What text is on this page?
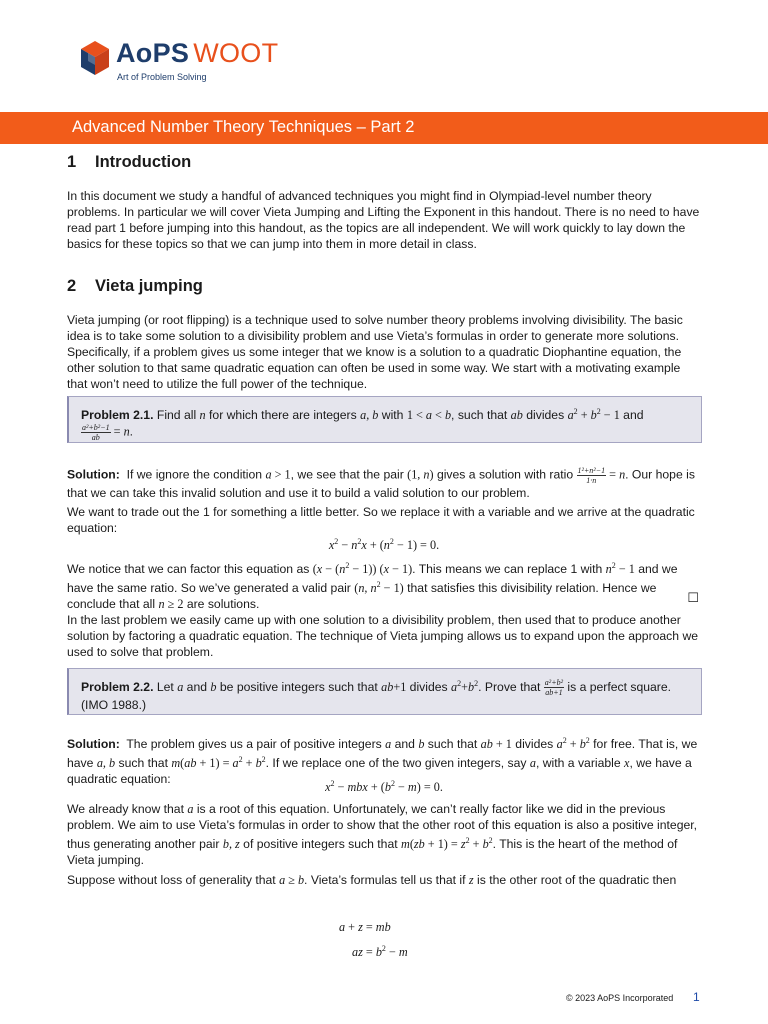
AoPS WOOT
Art of Problem Solving
Advanced Number Theory Techniques – Part 2
1	Introduction

In this document we study a handful of advanced techniques you might find in Olympiad-level number theory problems. In particular we will cover Vieta Jumping and Lifting the Exponent in this handout. There is no need to have read part 1 before jumping into this handout, as the topics are all independent. We will work quickly to lay down the basics for these topics so that we can jump into them in more detail in class.

2	Vieta jumping

Vieta jumping (or root flipping) is a technique used to solve number theory problems involving divisibility. The basic idea is to take some solution to a divisibility problem and use Vieta’s formulas in order to generate more solutions. Specifically, if a problem gives us some integer that we know is a solution to a quadratic Diophantine equation, the other solution to that same quadratic equation can often be used in some way. We start with a motivating example that won’t need to utilize the full power of the technique.

Problem 2.1. Find all n for which there are integers a, b with 1 < a < b, such that ab divides $a^2 + b^2 - 1$ and

$\frac{\text{a²+b²−1}}{ab} = n$.

Solution:  If we ignore the condition a > 1, we see that the pair (1, n) gives a solution with ratio $\frac{\text{1²+n²−1}}{1\cdot n} = n$. Our hope is that we can take this invalid solution and use it to build a valid solution to our problem.

We want to trade out the 1 for something a little better. So we replace it with a variable and we arrive at the quadratic equation:

$x^2 - n^2x + (n^2 - 1) = 0$.

We notice that we can factor this equation as $(x - (n^2 - 1))$ (x − 1). This means we can replace 1 with $n^2 - 1$ and we have the same ratio. So we’ve generated a valid pair (n, $n^2 - 1$) that satisfies this divisibility relation. Hence we conclude that all n ≥ 2 are solutions.	☐

In the last problem we easily came up with one solution to a divisibility problem, then used that to produce another solution by factoring a quadratic equation. The technique of Vieta jumping allows us to expand upon the approach we used to solve that problem.

Problem 2.2. Let a and b be positive integers such that ab+1 divides $a^2+b^2$. Prove that $\frac{\text{a²+b²}}{ab+1}$ is a perfect square.
(IMO 1988.)

Solution:  The problem gives us a pair of positive integers a and b such that ab + 1 divides $a^2 + b^2$ for free. That is, we have a, b such that $m(ab + 1) = a^2 + b^2$. If we replace one of the two given integers, say a, with a variable x, we have a quadratic equation:

$x^2$ − mbx + $(b^2 - m) = 0$.

We already know that a is a root of this equation. Unfortunately, we can’t really factor like we did in the previous problem. We aim to use Vieta’s formulas in order to show that the other root of this equation is also a positive integer, thus generating another pair b, z of positive integers such that $m(zb + 1) = z^2 + b^2$. This is the heart of the method of Vieta jumping.

Suppose without loss of generality that a ≥ b. Vieta’s formulas tell us that if z is the other root of the quadratic then

a + z = mb
az = $b^2 - m$
© 2023 AoPS Incorporated 1
